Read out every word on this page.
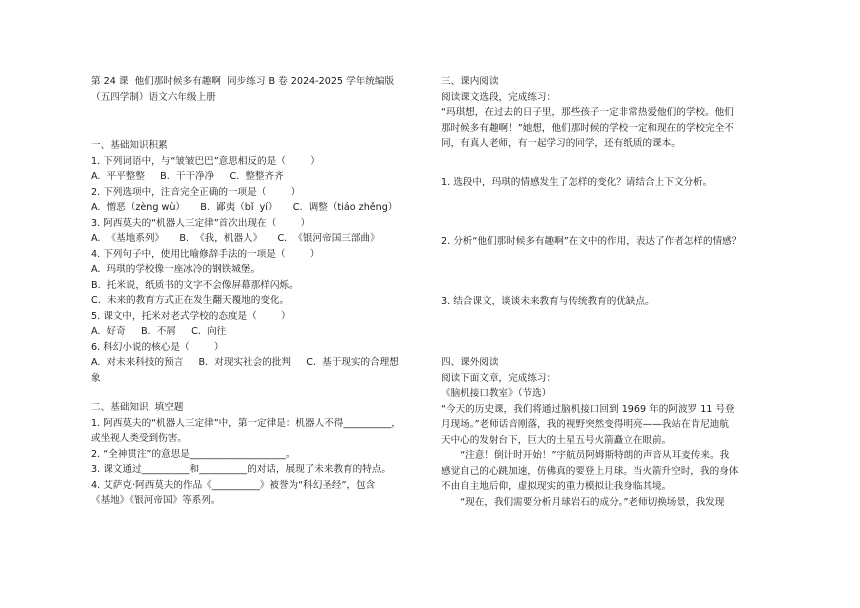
第 24 课  他们那时候多有趣啊  同步练习 B 卷 2024-2025 学年统编版
（五四学制）语文六年级上册
一、基础知识积累
1. 下列词语中，与“皱皱巴巴”意思相反的是（        ）
A.  平平整整     B.  干干净净     C.  整整齐齐
2. 下列选项中，注音完全正确的一项是（        ）
A.  憎恶（zèng wù）     B.  鄙夷（bǐ  yí）     C.  调整（tiáo zhěng）
3. 阿西莫夫的“机器人三定律”首次出现在（        ）
A.  《基地系列》     B.  《我，机器人》     C.  《银河帝国三部曲》
4. 下列句子中，使用比喻修辞手法的一项是（        ）
A.  玛琪的学校像一座冰冷的钢铁城堡。
B.  托米说，纸质书的文字不会像屏幕那样闪烁。
C.  未来的教育方式正在发生翻天覆地的变化。
5. 课文中，托米对老式学校的态度是（        ）
A.  好奇     B.  不屑     C.  向往
6. 科幻小说的核心是（        ）
A.  对未来科技的预言     B.  对现实社会的批判     C.  基于现实的合理想
象
二、基础知识  填空题
1. 阿西莫夫的“机器人三定律”中，第一定律是：机器人不得__________，
或坐视人类受到伤害。
2. “全神贯注”的意思是____________________。
3. 课文通过__________和__________的对话，展现了未来教育的特点。
4. 艾萨克·阿西莫夫的作品《__________》被誉为“科幻圣经”，包含
《基地》《银河帝国》等系列。
三、课内阅读
阅读课文选段，完成练习：
“玛琪想，在过去的日子里，那些孩子一定非常热爱他们的学校。他们
那时候多有趣啊！”她想，他们那时候的学校一定和现在的学校完全不
同，有真人老师，有一起学习的同学，还有纸质的课本。
1. 选段中，玛琪的情感发生了怎样的变化？请结合上下文分析。
2. 分析“他们那时候多有趣啊”在文中的作用，表达了作者怎样的情感？
3. 结合课文，谈谈未来教育与传统教育的优缺点。
四、课外阅读
阅读下面文章，完成练习：
《脑机接口教室》（节选）
“今天的历史课，我们将通过脑机接口回到 1969 年的阿波罗 11 号登
月现场。”老师话音刚落，我的视野突然变得明亮——我站在肯尼迪航
天中心的发射台下，巨大的土星五号火箭矗立在眼前。
“注意！倒计时开始！”宇航员阿姆斯特朗的声音从耳麦传来。我
感觉自己的心跳加速，仿佛真的要登上月球。当火箭升空时，我的身体
不由自主地后仰，虚拟现实的重力模拟让我身临其境。
“现在，我们需要分析月球岩石的成分。”老师切换场景，我发现
